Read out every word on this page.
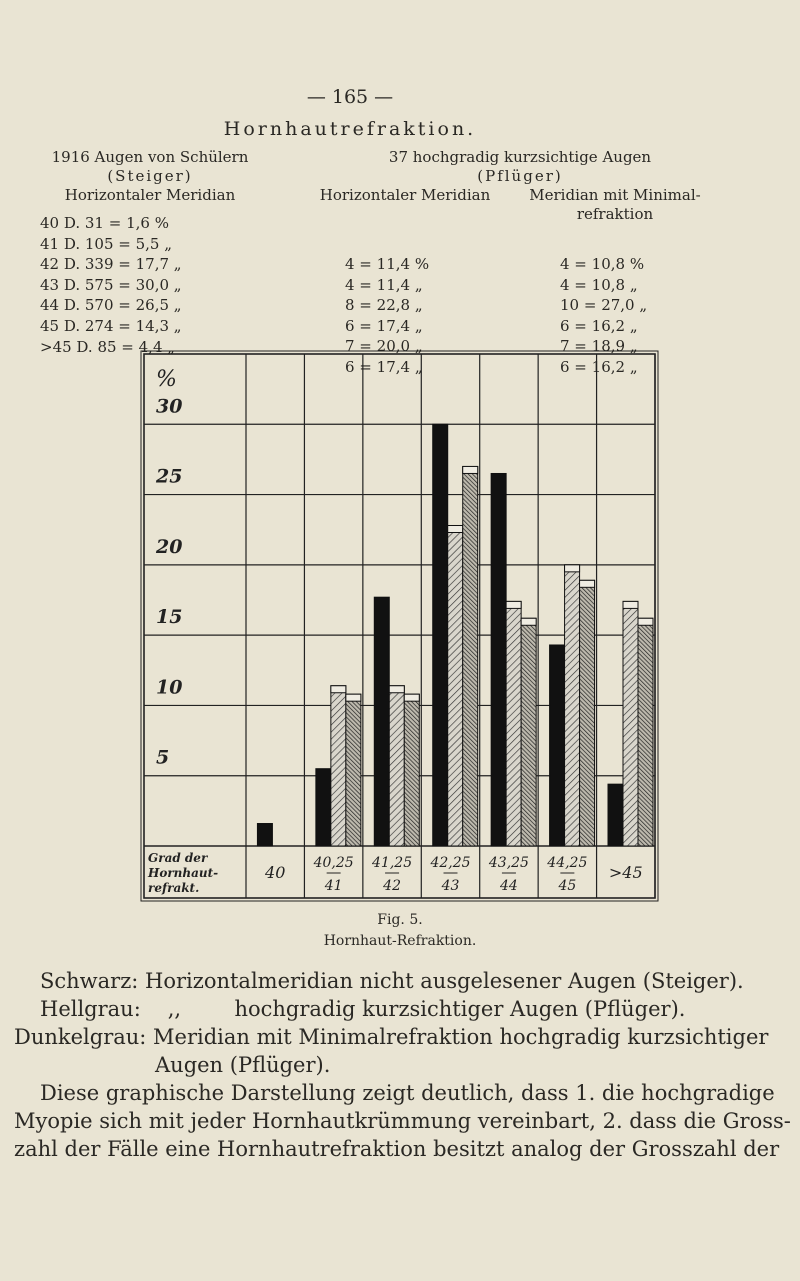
— 165 —
Hornhautrefraktion.
1916 Augen von Schülern
(Steiger)
Horizontaler Meridian
40 D. 31 = 1,6 %
41 D. 105 = 5,5 „
42 D. 339 = 17,7 „
43 D. 575 = 30,0 „
44 D. 570 = 26,5 „
45 D. 274 = 14,3 „
>45 D. 85 = 4,4 „
37 hochgradig kurzsichtige Augen
(Pflüger)
Horizontaler Meridian	Meridian mit Minimal-
refraktion
4 = 11,4 %
4 = 11,4 „
8 = 22,8 „
6 = 17,4 „
7 = 20,0 „
6 = 17,4 „
4 = 10,8 %
4 = 10,8 „
10 = 27,0 „
6 = 16,2 „
7 = 18,9 „
6 = 16,2 „
%
5
10
15
20
25
30
Grad der
Hornhaut-
refrakt.
40 40,25
41
41,25
42
42,25
43
43,25
44
44,25
45
>45
Fig. 5.
Hornhaut-Refraktion.
Schwarz: Horizontalmeridian nicht ausgelesener Augen (Steiger).
Hellgrau: ,,        hochgradig kurzsichtiger Augen (Pflüger).
Dunkelgrau: Meridian mit Minimalrefraktion hochgradig kurzsichtiger
Augen (Pflüger).
Diese graphische Darstellung zeigt deutlich, dass 1. die hochgradige
Myopie sich mit jeder Hornhautkrümmung vereinbart, 2. dass die Gross-
zahl der Fälle eine Hornhautrefraktion besitzt analog der Grosszahl der
